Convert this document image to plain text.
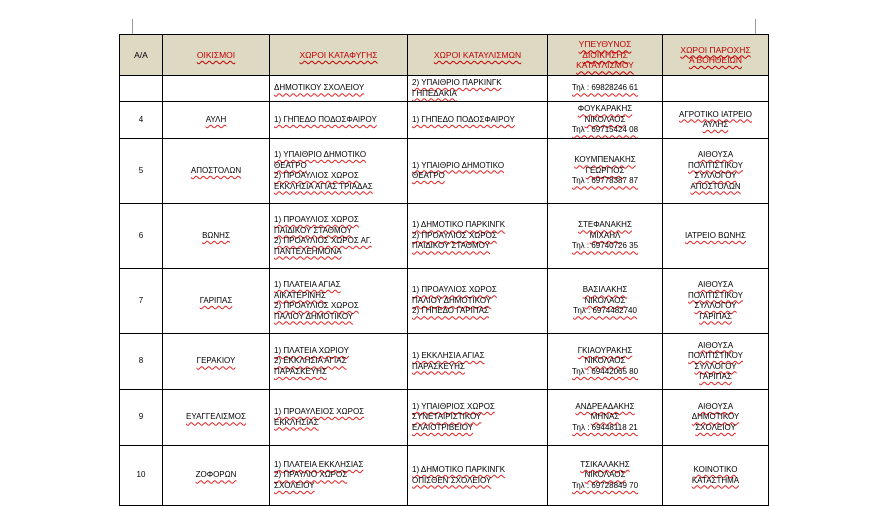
Α/Α	ΟΙΚΙΣΜΟΙ	ΧΩΡΟΙ ΚΑΤΑΦΥΓΗΣ	ΧΩΡΟΙ ΚΑΤΑΥΛΙΣΜΩΝ	ΥΠΕΥΘΥΝΟΣ
ΔΙΟΙΚΗΣΗΣ
ΚΑΤΑΥΛΙΣΜΟΥ	ΧΩΡΟΙ ΠΑΡΟΧΗΣ
Α ΒΟΗΘΕΙΩΝ

		ΔΗΜΟΤΙΚΟΥ ΣΧΟΛΕΙΟΥ	2) ΥΠΑΙΘΡΙΟ ΠΑΡΚΙΝΓΚ
ΓΗΠΕΔΑΚΙΑ	Τηλ : 69828246 61	

4	ΑΥΛΗ	1) ΓΗΠΕΔΟ ΠΟΔΟΣΦΑΙΡΟΥ	1) ΓΗΠΕΔΟ ΠΟΔΟΣΦΑΙΡΟΥ	ΦΟΥΚΑΡΑΚΗΣ
ΝΙΚΟΛΑΟΣ
Τηλ : 69715424 08	ΑΓΡΟΤΙΚΟ ΙΑΤΡΕΙΟ
ΑΥΛΗΣ

5	ΑΠΟΣΤΟΛΩΝ	1) ΥΠΑΙΘΡΙΟ ΔΗΜΟΤΙΚΟ
ΘΕΑΤΡΟ
2) ΠΡΟΑΥΛΙΟΣ ΧΩΡΟΣ
ΕΚΚΛΗΣΙΑ ΑΓΙΑΣ ΤΡΙΑΔΑΣ	1) ΥΠΑΙΘΡΙΟ ΔΗΜΟΤΙΚΟ
ΘΕΑΤΡΟ	ΚΟΥΜΠΕΝΑΚΗΣ
ΓΕΩΡΓΙΟΣ
Τηλ : 69778387 87	ΑΙΘΟΥΣΑ
ΠΟΛΙΤΙΣΤΙΚΟΥ
ΣΥΛΛΟΓΟΥ
ΑΠΟΣΤΟΛΩΝ

6	ΒΩΝΗΣ	1) ΠΡΟΑΥΛΙΟΣ ΧΩΡΟΣ
ΠΑΙΔΙΚΟΥ ΣΤΑΘΜΟΥ
2) ΠΡΟΑΥΛΙΟΣ ΧΩΡΟΣ ΑΓ.
ΠΑΝΤΕΛΕΗΜΟΝΑ	1) ΔΗΜΟΤΙΚΟ ΠΑΡΚΙΝΓΚ
2) ΠΡΟΑΥΛΙΟΣ ΧΩΡΟΣ
ΠΑΙΔΙΚΟΥ ΣΤΑΘΜΟΥ	ΣΤΕΦΑΝΑΚΗΣ
ΜΙΧΑΗΛ
Τηλ : 69740726 35	ΙΑΤΡΕΙΟ ΒΩΝΗΣ

7	ΓΑΡΙΠΑΣ	1) ΠΛΑΤΕΙΑ ΑΓΙΑΣ
ΑΙΚΑΤΕΡΙΝΗΣ
2) ΠΡΟΑΥΛΙΟΣ ΧΩΡΟΣ
ΠΑΛΙΟΥ ΔΗΜΟΤΙΚΟΥ	1) ΠΡΟΑΥΛΙΟΣ ΧΩΡΟΣ
ΠΑΛΙΟΥ ΔΗΜΟΤΙΚΟΥ
2) ΓΗΠΕΔΟ ΓΑΡΙΠΑΣ	ΒΑΣΙΛΑΚΗΣ
ΝΙΚΟΛΑΟΣ
Τηλ : 6974482740	ΑΙΘΟΥΣΑ
ΠΟΛΙΤΙΣΤΙΚΟΥ
ΣΥΛΛΟΓΟΥ
ΓΑΡΙΠΑΣ

8	ΓΕΡΑΚΙΟΥ	1) ΠΛΑΤΕΙΑ ΧΩΡΙΟΥ
2) ΕΚΚΛΗΣΙΑ ΑΓΙΑΣ
ΠΑΡΑΣΚΕΥΗΣ	1) ΕΚΚΛΗΣΙΑ ΑΓΙΑΣ
ΠΑΡΑΣΚΕΥΗΣ	ΓΚΙΑΟΥΡΑΚΗΣ
ΝΙΚΟΛΑΟΣ
Τηλ : 69442065 80	ΑΙΘΟΥΣΑ
ΠΟΛΙΤΙΣΤΙΚΟΥ
ΣΥΛΛΟΓΟΥ
ΓΑΡΙΠΑΣ

9	ΕΥΑΓΓΕΛΙΣΜΟΣ	1) ΠΡΟΑΥΛΕΙΟΣ ΧΩΡΟΣ
ΕΚΚΛΗΣΙΑΣ	1) ΥΠΑΙΘΡΙΟΣ ΧΩΡΟΣ
ΣΥΝΕΤΑΙΡΙΣΤΙΚΟΥ
ΕΛΑΙΟΤΡΙΒΕΙΟΥ	ΑΝΔΡΕΑΔΑΚΗΣ
ΜΗΝΑΣ
Τηλ : 69448118 21	ΑΙΘΟΥΣΑ
ΔΗΜΟΤΙΚΟΥ
ΣΧΟΛΕΙΟΥ

10	ΖΟΦΟΡΩΝ	1) ΠΛΑΤΕΙΑ ΕΚΚΛΗΣΙΑΣ
2) ΠΡΑΥΛΙΟ ΧΩΡΟΣ
ΣΧΟΛΕΙΟΥ	1) ΔΗΜΟΤΙΚΟ ΠΑΡΚΙΝΓΚ
ΟΠΙΣΘΕΝ ΣΧΟΛΕΙΟΥ	ΤΣΙΚΑΛΑΚΗΣ
ΝΙΚΟΛΑΟΣ
Τηλ : 69728849 70	ΚΟΙΝΟΤΙΚΟ
ΚΑΤΑΣΤΗΜΑ
